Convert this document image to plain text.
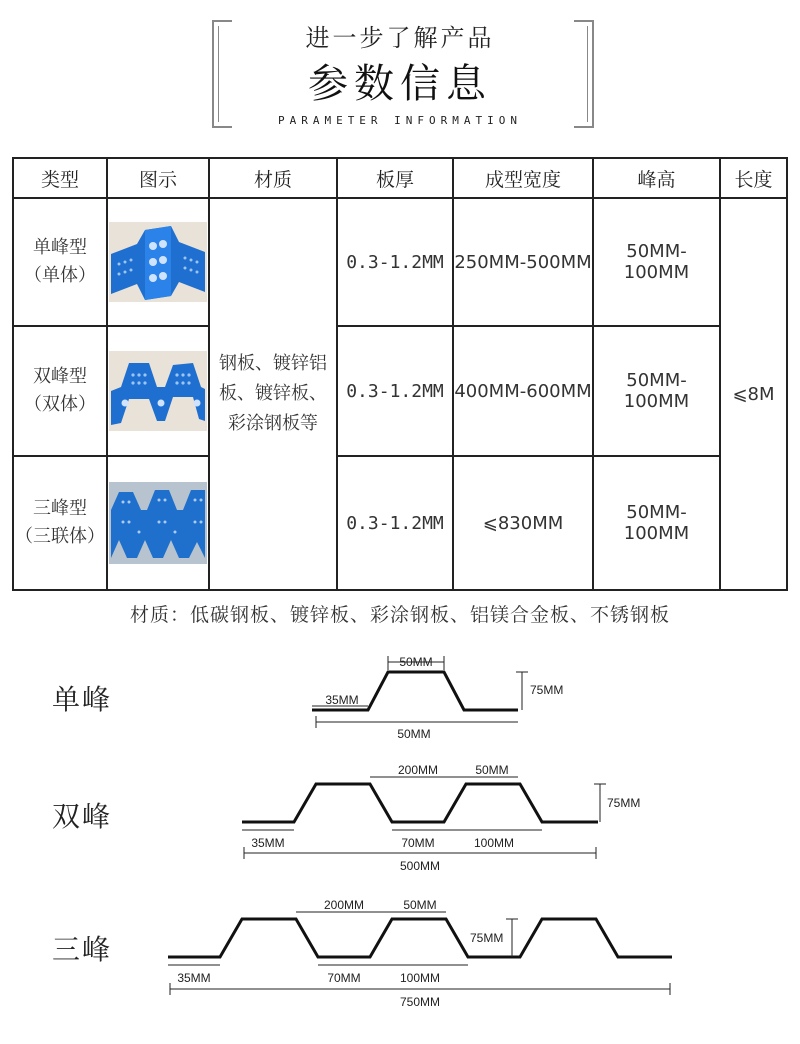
进一步了解产品
参数信息
PARAMETER INFORMATION
类型	图示	材质	板厚	成型宽度	峰高	长度

单峰型
（单体）		钢板、镀锌铝板、镀锌板、彩涂钢板等	0.3-1.2MM	250MM-500MM	50MM-100MM	⩽8M

双峰型
（双体）			0.3-1.2MM	400MM-600MM	50MM-100MM	

三峰型
（三联体）			0.3-1.2MM	⩽830MM	50MM-100MM	
材质：低碳钢板、镀锌板、彩涂钢板、铝镁合金板、不锈钢板
单峰
双峰
三峰
50MM
35MM
75MM
50MM
200MM	50MM
75MM
35MM	70MM	100MM
500MM
200MM	50MM
75MM
35MM	70MM	100MM
750MM
